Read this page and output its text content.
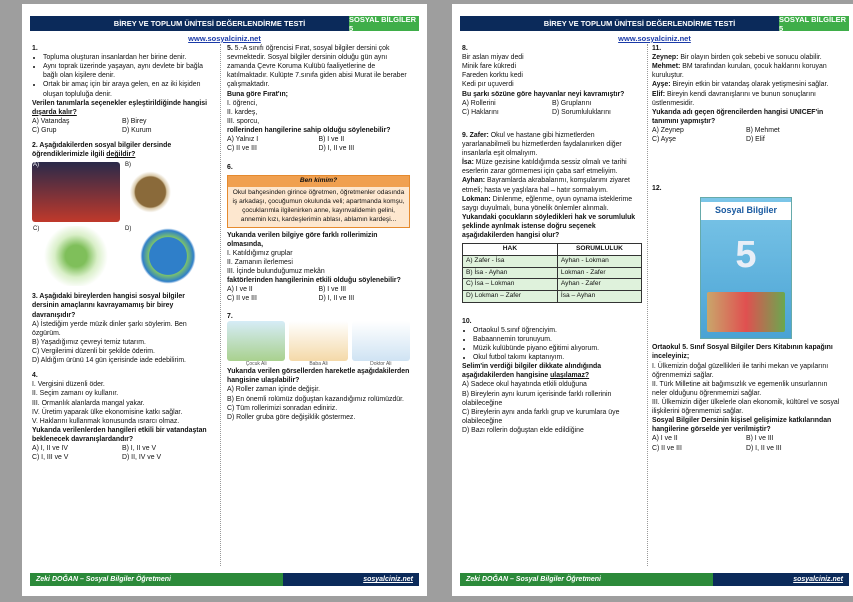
BİREY VE TOPLUM ÜNİTESİ DEĞERLENDİRME TESTİ	SOSYAL BİLGİLER 5
www.sosyalciniz.net

1.

• Topluma oluşturan insanlardan her birine denir.
• Aynı toprak üzerinde yaşayan, aynı devlete bir bağla bağlı olan kişilere denir.
• Ortak bir amaç için bir araya gelen, en az iki kişiden oluşan topluluğa denir.

Verilen tanımlarla seçenekler eşleştirildiğinde hangisi dışarda kalır?

A) Vatandaş	B) Birey
C) Grup	D) Kurum

2. Aşağıdakilerden sosyal bilgiler dersinde öğrendiklerimizle ilgili değildir?

A)	B)
C)	D)

3. Aşağıdaki bireylerden hangisi sosyal bilgiler dersinin amaçlarını kavrayamamış bir birey davranışıdır?

A) İstediğim yerde müzik dinler şarkı söylerim. Ben özgürüm.

B) Yaşadığımız çevreyi temiz tutarım.

C) Vergilerimi düzenli bir şekilde öderim.

D) Aldığım ürünü 14 gün içerisinde iade edebilirim.

4.

I. Vergisini düzenli öder.

II. Seçim zamanı oy kullanır.

III. Ormanlık alanlarda mangal yakar.

IV. Üretim yaparak ülke ekonomisine katkı sağlar.

V. Haklarını kullanmak konusunda ısrarcı olmaz.

Yukarıda verilenlerden hangileri etkili bir vatandaştan beklenecek davranışlardandır?

A) I, II ve IV	B) I, II ve V
C) I, III ve V	D) II, IV ve V

5. 5.-A sınıfı öğrencisi Fırat, sosyal bilgiler dersini çok sevmektedir. Sosyal bilgiler dersinin olduğu gün aynı zamanda Çevre Koruma Kulübü faaliyetlerine de katılmaktadır. Kulüpte 7.sınıfa giden abisi Murat ile beraber çalışmaktadır.

Buna göre Fırat'ın;

I. öğrenci,

II. kardeş,

III. sporcu,

rollerinden hangilerine sahip olduğu söylenebilir?

A) Yalnız I	B) I ve II
C) II ve III	D) I, II ve III

6.

Ben kimim?
Okul bahçesinden girince öğretmen, öğretmenler odasında iş arkadaşı, çocuğumun okulunda veli; apartmanda komşu, çocuklarımla ilgilenirken anne, kayınvalidemin gelini, annemin kızı, kardeşlerimin ablası, ablamın kardeşi...

Yukarıda verilen bilgiye göre farklı rollerimizin olmasında,

I. Katıldığımız gruplar

II. Zamanın ilerlemesi

III. İçinde bulunduğumuz mekân

faktörlerinden hangilerinin etkili olduğu söylenebilir?

A) I ve II	B) I ve III
C) II ve III	D) I, II ve III

7.

Çocuk Ali	Baba Ali	Doktor Ali

Yukarıda verilen görsellerden hareketle aşağıdakilerden hangisine ulaşılabilir?

A) Roller zaman içinde değişir.

B) En önemli rolümüz doğuştan kazandığımız rolümüzdür.

C) Tüm rollerimizi sonradan ediniriz.

D) Roller gruba göre değişiklik göstermez.

Zeki DOĞAN – Sosyal Bilgiler Öğretmeni	sosyalciniz.net
BİREY VE TOPLUM ÜNİTESİ DEĞERLENDİRME TESTİ	SOSYAL BİLGİLER 5
www.sosyalciniz.net

8.

Bir aslan miyav dedi

Minik fare kükredi

Fareden korktu kedi

Kedi pır uçuverdi

Bu şarkı sözüne göre hayvanlar neyi kavramıştır?

A) Rollerini	B) Gruplarını
C) Haklarını	D) Sorumluluklarını

9. Zafer: Okul ve hastane gibi hizmetlerden yararlanabilmeli bu hizmetlerden faydalanırken diğer insanlarla eşit olmalıyım.

İsa: Müze gezisine katıldığımda sessiz olmalı ve tarihi eserlerin zarar görmemesi için çaba sarf etmeliyim.

Ayhan: Bayramlarda akrabalarımı, komşularımı ziyaret etmeli; hasta ve yaşlılara hal – hatır sormalıyım.

Lokman: Dinlenme, eğlenme, oyun oynama isteklerime saygı duyulmalı, buna yönelik önlemler alınmalı.

Yukarıdaki çocukların söyledikleri hak ve sorumluluk şeklinde ayrılmak istense doğru seçenek aşağıdakilerden hangisi olur?

HAK	SORUMLULUK
A) Zafer - İsa	Ayhan - Lokman
B) İsa - Ayhan	Lokman - Zafer
C) İsa – Lokman	Ayhan - Zafer
D) Lokman – Zafer	İsa – Ayhan

10.

• Ortaokul 5.sınıf öğrenciyim.
• Babaannemin torunuyum.
• Müzik kulübünde piyano eğitimi alıyorum.
• Okul futbol takımı kaptanıyım.

Selim'in verdiği bilgiler dikkate alındığında aşağıdakilerden hangisine ulaşılamaz?

A) Sadece okul hayatında etkili olduğuna

B) Bireylerin aynı kurum içerisinde farklı rollerinin olabileceğine

C) Bireylerin aynı anda farklı grup ve kurumlara üye olabileceğine

D) Bazı rollerin doğuştan elde edildiğine

11.

Zeynep: Bir olayın birden çok sebebi ve sonucu olabilir.

Mehmet: BM tarafından kurulan, çocuk haklarını koruyan kuruluştur.

Ayşe: Bireyin etkin bir vatandaş olarak yetişmesini sağlar.

Elif: Bireyin kendi davranışlarını ve bunun sonuçlarını üstlenmesidir.

Yukarıda adı geçen öğrencilerden hangisi UNICEF'in tanımını yapmıştır?

A) Zeynep	B) Mehmet
C) Ayşe	D) Elif

12.

Sosyal Bilgiler
5

Ortaokul 5. Sınıf Sosyal Bilgiler Ders Kitabının kapağını inceleyiniz;

I. Ülkemizin doğal güzellikleri ile tarihi mekan ve yapılarını öğrenmemizi sağlar.

II. Türk Milletine ait bağımsızlık ve egemenlik unsurlarının neler olduğunu öğrenmemizi sağlar.

III. Ülkemizin diğer ülkelerle olan ekonomik, kültürel ve sosyal ilişkilerini öğrenmemizi sağlar.

Sosyal Bilgiler Dersinin kişisel gelişimize katkılarından hangilerine görselde yer verilmiştir?

A) I ve II	B) I ve III
C) II ve III	D) I, II ve III
Zeki DOĞAN – Sosyal Bilgiler Öğretmeni	sosyalciniz.net
